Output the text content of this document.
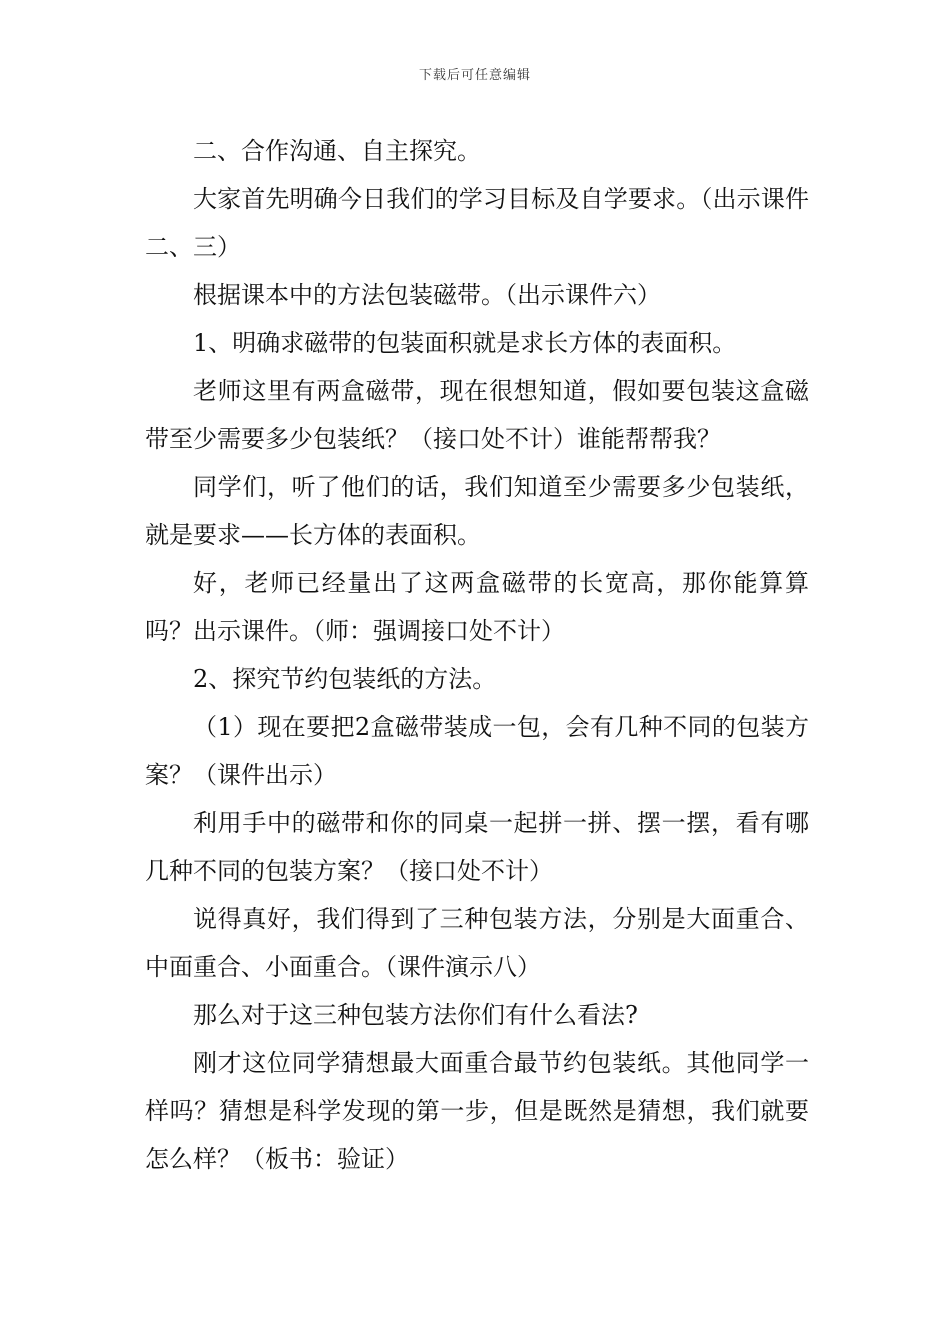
下载后可任意编辑

二、合作沟通、自主探究。

大家首先明确今日我们的学习目标及自学要求。（出示课件二、三）

根据课本中的方法包装磁带。（出示课件六）

1、明确求磁带的包装面积就是求长方体的表面积。

老师这里有两盒磁带，现在很想知道，假如要包装这盒磁带至少需要多少包装纸？（接口处不计）谁能帮帮我？

同学们，听了他们的话，我们知道至少需要多少包装纸，就是要求——长方体的表面积。

好，老师已经量出了这两盒磁带的长宽高，那你能算算吗？出示课件。（师：强调接口处不计）

2、探究节约包装纸的方法。

（1）现在要把2盒磁带装成一包，会有几种不同的包装方案？（课件出示）

利用手中的磁带和你的同桌一起拼一拼、摆一摆，看有哪几种不同的包装方案？（接口处不计）

说得真好，我们得到了三种包装方法，分别是大面重合、中面重合、小面重合。（课件演示八）

那么对于这三种包装方法你们有什么看法?

刚才这位同学猜想最大面重合最节约包装纸。其他同学一样吗？猜想是科学发现的第一步，但是既然是猜想，我们就要怎么样？（板书：验证）
